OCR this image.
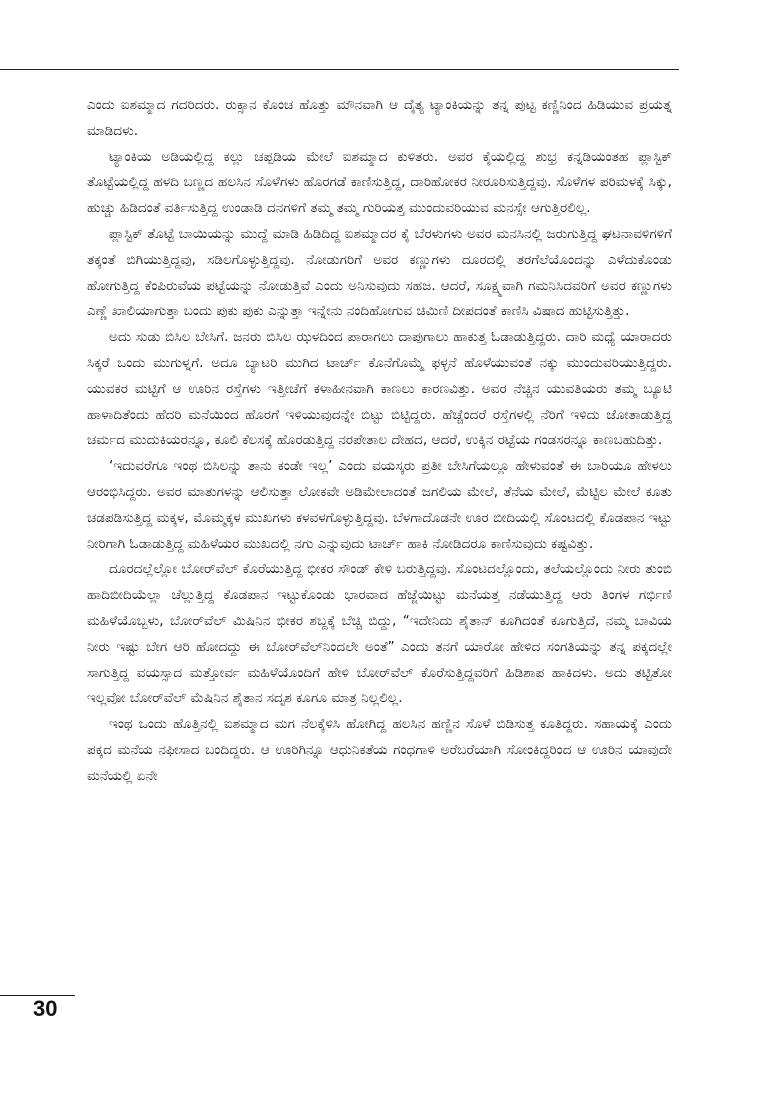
ಎಂದು ಐಶಮ್ಮಾದ ಗದರಿದರು. ರುಕ್ಸಾನ ಕೊಂಚ ಹೊತ್ತು ಮೌನವಾಗಿ ಆ ದೈತ್ಯ ಟ್ಯಾಂಕಿಯನ್ನು ತನ್ನ ಪುಟ್ಟ ಕಣ್ಣಿನಿಂದ ಹಿಡಿಯುವ ಪ್ರಯತ್ನ ಮಾಡಿದಳು.

ಟ್ಯಾಂಕಿಯ ಅಡಿಯಲ್ಲಿದ್ದ ಕಲ್ಲು ಚಪ್ಪಡಿಯ ಮೇಲೆ ಐಶಮ್ಮಾದ ಕುಳಿತರು. ಅವರ ಕೈಯಲ್ಲಿದ್ದ ಶುಭ್ರ ಕನ್ನಡಿಯಂತಹ ಪ್ಲಾಸ್ಟಿಕ್ ತೊಟ್ಟೆಯಲ್ಲಿದ್ದ ಹಳದಿ ಬಣ್ಣದ ಹಲಸಿನ ಸೊಳೆಗಳು ಹೊರಗಡೆ ಕಾಣಿಸುತ್ತಿದ್ದ, ದಾರಿಹೋಕರ ನೀರೂರಿಸುತ್ತಿದ್ದವು. ಸೊಳೆಗಳ ಪರಿಮಳಕ್ಕೆ ಸಿಕ್ಕು, ಹುಚ್ಚು ಹಿಡಿದಂತೆ ವರ್ತಿಸುತ್ತಿದ್ದ ಉಂಡಾಡಿ ದನಗಳಿಗೆ ತಮ್ಮ ತಮ್ಮ ಗುರಿಯತ್ತ ಮುಂದುವರಿಯುವ ಮನಸ್ಸೇ ಆಗುತ್ತಿರಲಿಲ್ಲ.

ಪ್ಲಾಸ್ಟಿಕ್ ತೊಟ್ಟೆ ಬಾಯಿಯನ್ನು ಮುದ್ದೆ ಮಾಡಿ ಹಿಡಿದಿದ್ದ ಐಶಮ್ಮಾದರ ಕೈ ಬೆರಳುಗಳು ಅವರ ಮನಸಿನಲ್ಲಿ ಜರುಗುತ್ತಿದ್ದ ಘಟನಾವಳಿಗಳಿಗೆ ತಕ್ಕಂತೆ ಬಿಗಿಯುತ್ತಿದ್ದವು, ಸಡಿಲಗೊಳ್ಳುತ್ತಿದ್ದವು. ನೋಡುಗರಿಗೆ ಅವರ ಕಣ್ಣುಗಳು ದೂರದಲ್ಲಿ ತರಗೆಲೆಯೊಂದನ್ನು ಎಳೆದುಕೊಂಡು ಹೋಗುತ್ತಿದ್ದ ಕೆಂಪಿರುವೆಯ ಪಟ್ಟೆಯನ್ನು ನೋಡುತ್ತಿವೆ ಎಂದು ಅನಿಸುವುದು ಸಹಜ. ಆದರೆ, ಸೂಕ್ಷ್ಮವಾಗಿ ಗಮನಿಸಿದವರಿಗೆ ಅವರ ಕಣ್ಣುಗಳು ಎಣ್ಣೆ ಖಾಲಿಯಾಗುತ್ತಾ ಬಂದು ಪುಕು ಪುಕು ಎನ್ನುತ್ತಾ ಇನ್ನೇನು ನಂದಿಹೋಗುವ ಚಿಮಿಣಿ ದೀಪದಂತೆ ಕಾಣಿಸಿ ವಿಷಾದ ಹುಟ್ಟಿಸುತ್ತಿತ್ತು.

ಅದು ಸುಡು ಬಿಸಿಲ ಬೇಸಿಗೆ. ಜನರು ಬಿಸಿಲ ಝಳದಿಂದ ಪಾರಾಗಲು ದಾಪುಗಾಲು ಹಾಕುತ್ತ ಓಡಾಡುತ್ತಿದ್ದರು. ದಾರಿ ಮಧ್ಯೆ ಯಾರಾದರು ಸಿಕ್ಕರೆ ಒಂದು ಮುಗುಳ್ನಗೆ. ಅದೂ ಬ್ಯಾಟರಿ ಮುಗಿದ ಟಾರ್ಚ್ ಕೊನೆಗೊಮ್ಮೆ ಫಳ್ಳನೆ ಹೊಳೆಯುವಂತೆ ನಕ್ಕು ಮುಂದುವರಿಯುತ್ತಿದ್ದರು. ಯುವಕರ ಮಟ್ಟಿಗೆ ಆ ಊರಿನ ರಸ್ತೆಗಳು ಇತ್ತೀಚೆಗೆ ಕಳಾಹೀನವಾಗಿ ಕಾಣಲು ಕಾರಣವಿತ್ತು. ಅವರ ನೆಚ್ಚಿನ ಯುವತಿಯರು ತಮ್ಮ ಬ್ಯೂಟಿ ಹಾಳಾದಿತೆಂದು ಹೆದರಿ ಮನೆಯಿಂದ ಹೊರಗೆ ಇಳಿಯುವುದನ್ನೇ ಬಿಟ್ಟು ಬಿಟ್ಟಿದ್ದರು. ಹೆಚ್ಚೆಂದರೆ ರಸ್ತೆಗಳಲ್ಲಿ ನೆರಿಗೆ ಇಳಿದು ಜೋತಾಡುತ್ತಿದ್ದ ಚರ್ಮದ ಮುದುಕಿಯರನ್ನೂ, ಕೂಲಿ ಕೆಲಸಕ್ಕೆ ಹೊರಡುತ್ತಿದ್ದ ನರಪೇತಾಲ ದೇಹದ, ಆದರೆ, ಉಕ್ಕಿನ ರಟ್ಟೆಯ ಗಂಡಸರನ್ನೂ ಕಾಣಬಹುದಿತ್ತು.

‘ಇದುವರೆಗೂ ಇಂಥ ಬಿಸಿಲನ್ನು ತಾನು ಕಂಡೇ ಇಲ್ಲ’ ಎಂದು ವಯಸ್ಕರು ಪ್ರತೀ ಬೇಸಿಗೆಯಲ್ಲೂ ಹೇಳುವಂತೆ ಈ ಬಾರಿಯೂ ಹೇಳಲು ಆರಂಭಿಸಿದ್ದರು. ಅವರ ಮಾತುಗಳನ್ನು ಆಲಿಸುತ್ತಾ ಲೋಕವೇ ಅಡಿಮೇಲಾದಂತೆ ಜಗಲಿಯ ಮೇಲೆ, ತೆನೆಯ ಮೇಲೆ, ಮೆಟ್ಟಿಲ ಮೇಲೆ ಕೂತು ಚಡಪಡಿಸುತ್ತಿದ್ದ ಮಕ್ಕಳ, ಮೊಮ್ಮಕ್ಕಳ ಮುಖಗಳು ಕಳವಳಗೊಳ್ಳುತ್ತಿದ್ದವು. ಬೆಳಗಾದೊಡನೇ ಊರ ಬೀದಿಯಲ್ಲಿ ಸೊಂಟದಲ್ಲಿ ಕೊಡಪಾನ ಇಟ್ಟು ನೀರಿಗಾಗಿ ಓಡಾಡುತ್ತಿದ್ದ ಮಹಿಳೆಯರ ಮುಖದಲ್ಲಿ ನಗು ಎನ್ನುವುದು ಟಾರ್ಚ್ ಹಾಕಿ ನೋಡಿದರೂ ಕಾಣಿಸುವುದು ಕಷ್ಟವಿತ್ತು.

ದೂರದಲ್ಲೆಲ್ಲೋ ಬೋರ್‌ವೆಲ್ ಕೊರೆಯುತ್ತಿದ್ದ ಭೀಕರ ಸೌಂಡ್ ಕೇಳಿ ಬರುತ್ತಿದ್ದವು. ಸೊಂಟದಲ್ಲೊಂದು, ತಲೆಯಲ್ಲೊಂದು ನೀರು ತುಂಬಿ ಹಾದಿಬೀದಿಯೆಲ್ಲಾ ಚೆಲ್ಲುತ್ತಿದ್ದ ಕೊಡಪಾನ ಇಟ್ಟುಕೊಂಡು ಭಾರವಾದ ಹೆಜ್ಜೆಯಿಟ್ಟು ಮನೆಯತ್ತ ನಡೆಯುತ್ತಿದ್ದ ಆರು ತಿಂಗಳ ಗರ್ಭಿಣಿ ಮಹಿಳೆಯೊಬ್ಬಳು, ಬೋರ್‌ವೆಲ್ ಮಿಷಿನಿನ ಭೀಕರ ಶಬ್ದಕ್ಕೆ ಬೆಚ್ಚಿ ಬಿದ್ದು, “ಇದೇನಿದು ಶೈತಾನ್ ಕೂಗಿದಂತೆ ಕೂಗುತ್ತಿದೆ, ನಮ್ಮ ಬಾವಿಯ ನೀರು ಇಷ್ಟು ಬೇಗ ಆರಿ ಹೋದದ್ದು ಈ ಬೋರ್‌ವೆಲ್‌ನಿಂದಲೇ ಅಂತೆ” ಎಂದು ತನಗೆ ಯಾರೋ ಹೇಳಿದ ಸಂಗತಿಯನ್ನು ತನ್ನ ಪಕ್ಕದಲ್ಲೇ ಸಾಗುತ್ತಿದ್ದ ವಯಸ್ಸಾದ ಮತ್ತೋರ್ವ ಮಹಿಳೆಯೊಂದಿಗೆ ಹೇಳಿ ಬೋರ್‌ವೆಲ್ ಕೊರೆಸುತ್ತಿದ್ದವರಿಗೆ ಹಿಡಿಶಾಪ ಹಾಕಿದಳು. ಅದು ತಟ್ಟಿತೋ ಇಲ್ಲವೋ ಬೋರ್‌ವೆಲ್ ಮೆಷಿನಿನ ಶೈತಾನ ಸದೃಶ ಕೂಗೂ ಮಾತ್ರ ನಿಲ್ಲಲಿಲ್ಲ.

ಇಂಥ ಒಂದು ಹೊತ್ತಿನಲ್ಲಿ ಐಶಮ್ಮಾದ ಮಗ ನೆಲಕ್ಕೆಳಿಸಿ ಹೋಗಿದ್ದ ಹಲಸಿನ ಹಣ್ಣಿನ ಸೊಳೆ ಬಿಡಿಸುತ್ತ ಕೂತಿದ್ದರು. ಸಹಾಯಕ್ಕೆ ಎಂದು ಪಕ್ಕದ ಮನೆಯ ನಫೀಸಾದ ಬಂದಿದ್ದರು. ಆ ಊರಿಗಿನ್ನೂ ಆಧುನಿಕತೆಯ ಗಂಧಗಾಳಿ ಅರೆಬರೆಯಾಗಿ ಸೋಂಕಿದ್ದರಿಂದ ಆ ಊರಿನ ಯಾವುದೇ ಮನೆಯಲ್ಲಿ ಏನೇ

30
